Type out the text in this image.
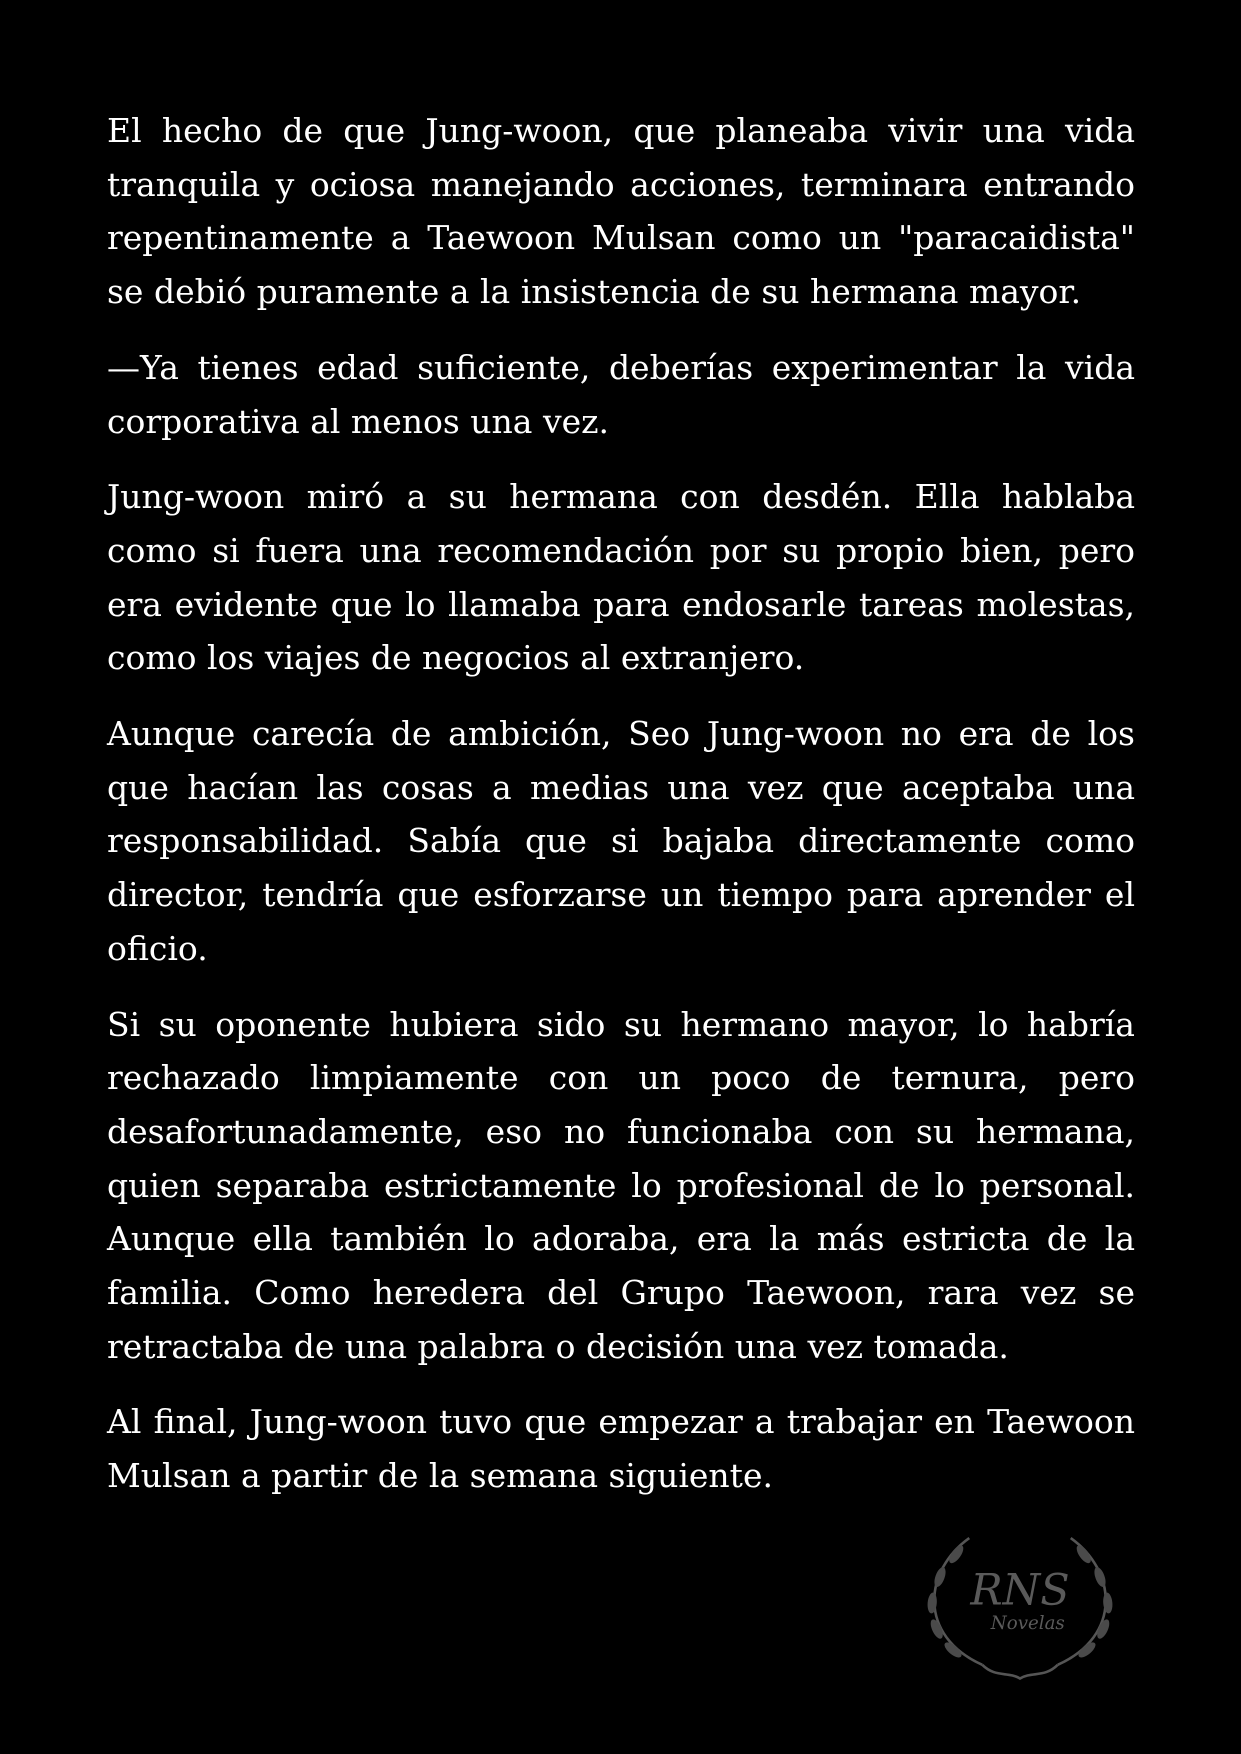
El hecho de que Jung-woon, que planeaba vivir una vida tranquila y ociosa manejando acciones, terminara entrando repentinamente a Taewoon Mulsan como un "paracaidista" se debió puramente a la insistencia de su hermana mayor.

—Ya tienes edad suficiente, deberías experimentar la vida corporativa al menos una vez.

Jung-woon miró a su hermana con desdén. Ella hablaba como si fuera una recomendación por su propio bien, pero era evidente que lo llamaba para endosarle tareas molestas, como los viajes de negocios al extranjero.

Aunque carecía de ambición, Seo Jung-woon no era de los que hacían las cosas a medias una vez que aceptaba una responsabilidad. Sabía que si bajaba directamente como director, tendría que esforzarse un tiempo para aprender el oficio.

Si su oponente hubiera sido su hermano mayor, lo habría rechazado limpiamente con un poco de ternura, pero desafortunadamente, eso no funcionaba con su hermana, quien separaba estrictamente lo profesional de lo personal. Aunque ella también lo adoraba, era la más estricta de la familia. Como heredera del Grupo Taewoon, rara vez se retractaba de una palabra o decisión una vez tomada.

Al final, Jung-woon tuvo que empezar a trabajar en Taewoon Mulsan a partir de la semana siguiente.

RNS
Novelas
